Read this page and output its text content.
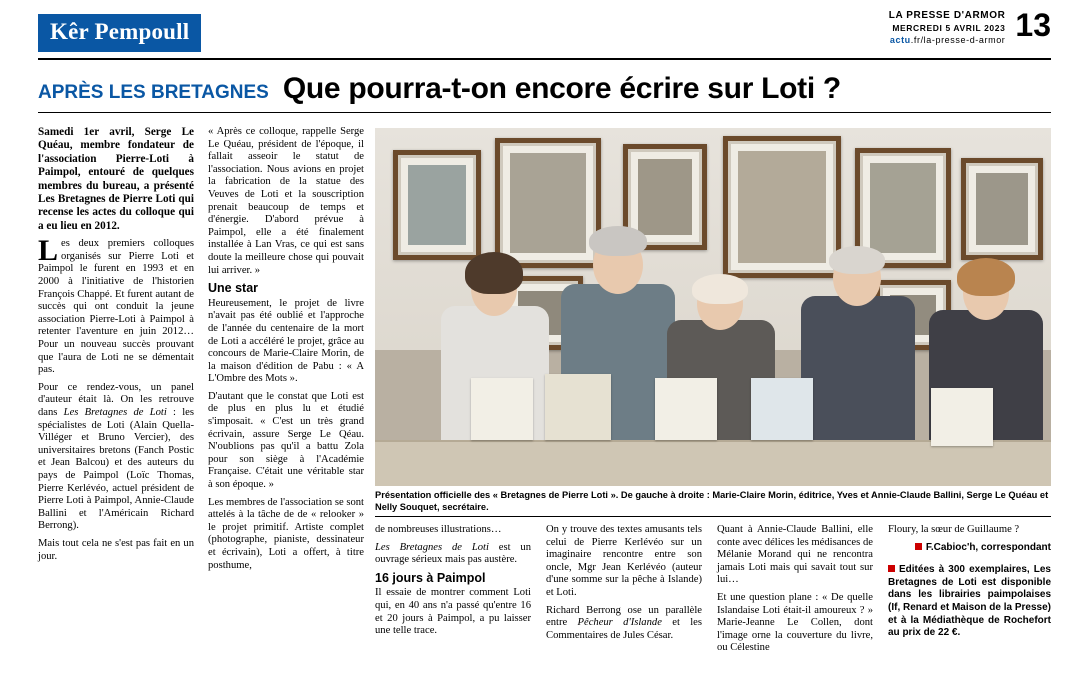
Kêr Pempoull
LA PRESSE D'ARMOR
MERCREDI 5 AVRIL 2023
actu.fr/la-presse-d-armor 13
APRÈS LES BRETAGNES Que pourra-t-on encore écrire sur Loti ?

Samedi 1er avril, Serge Le Quéau, membre fondateur de l'association Pierre-Loti à Paimpol, entouré de quelques membres du bureau, a présenté Les Bretagnes de Pierre Loti qui recense les actes du colloque qui a eu lieu en 2012.

Les deux premiers colloques organisés sur Pierre Loti et Paimpol le furent en 1993 et en 2000 à l'initiative de l'historien François Chappé. Et furent autant de succès qui ont conduit la jeune association Pierre-Loti à Paimpol à retenter l'aventure en juin 2012… Pour un nouveau succès prouvant que l'aura de Loti ne se démentait pas.

Pour ce rendez-vous, un panel d'auteur était là. On les retrouve dans Les Bretagnes de Loti : les spécialistes de Loti (Alain Quella-Villéger et Bruno Vercier), des universitaires bretons (Fanch Postic et Jean Balcou) et des auteurs du pays de Paimpol (Loïc Thomas, Pierre Kerlévéo, actuel président de Pierre Loti à Paimpol, Annie-Claude Ballini et l'Américain Richard Berrong).

Mais tout cela ne s'est pas fait en un jour.

« Après ce colloque, rappelle Serge Le Quéau, président de l'époque, il fallait asseoir le statut de l'association. Nous avions en projet la fabrication de la statue des Veuves de Loti et la souscription prenait beaucoup de temps et d'énergie. D'abord prévue à Paimpol, elle a été finalement installée à Lan Vras, ce qui est sans doute la meilleure chose qui pouvait lui arriver. »

Une star

Heureusement, le projet de livre n'avait pas été oublié et l'approche de l'année du centenaire de la mort de Loti a accéléré le projet, grâce au concours de Marie-Claire Morin, de la maison d'édition de Pabu : « A L'Ombre des Mots ».

D'autant que le constat que Loti est de plus en plus lu et étudié s'imposait. « C'est un très grand écrivain, assure Serge Le Qéau. N'oublions pas qu'il a battu Zola pour son siège à l'Académie Française. C'était une véritable star à son époque. »

Les membres de l'association se sont attelés à la tâche de de « relooker » le projet primitif. Artiste complet (photographe, pianiste, dessinateur et écrivain), Loti a offert, à titre posthume,

Présentation officielle des « Bretagnes de Pierre Loti ». De gauche à droite : Marie-Claire Morin, éditrice, Yves et Annie-Claude Ballini, Serge Le Quéau et Nelly Souquet, secrétaire.

de nombreuses illustrations…

Les Bretagnes de Loti est un ouvrage sérieux mais pas austère.

16 jours à Paimpol

Il essaie de montrer comment Loti qui, en 40 ans n'a passé qu'entre 16 et 20 jours à Paimpol, a pu laisser une telle trace.

On y trouve des textes amusants tels celui de Pierre Kerlévéo sur un imaginaire rencontre entre son oncle, Mgr Jean Kerlévéo (auteur d'une somme sur la pêche à Islande) et Loti.

Richard Berrong ose un parallèle entre Pêcheur d'Islande et les Commentaires de Jules César.

Quant à Annie-Claude Ballini, elle conte avec délices les médisances de Mélanie Morand qui ne rencontra jamais Loti mais qui savait tout sur lui…

Et une question plane : « De quelle Islandaise Loti était-il amoureux ? » Marie-Jeanne Le Collen, dont l'image orne la couverture du livre, ou Célestine

Floury, la sœur de Guillaume ?

F.Cabioc'h, correspondant
Editées à 300 exemplaires, Les Bretagnes de Loti est disponible dans les librairies paimpolaises (If, Renard et Maison de la Presse) et à la Médiathèque de Rochefort au prix de 22 €.
